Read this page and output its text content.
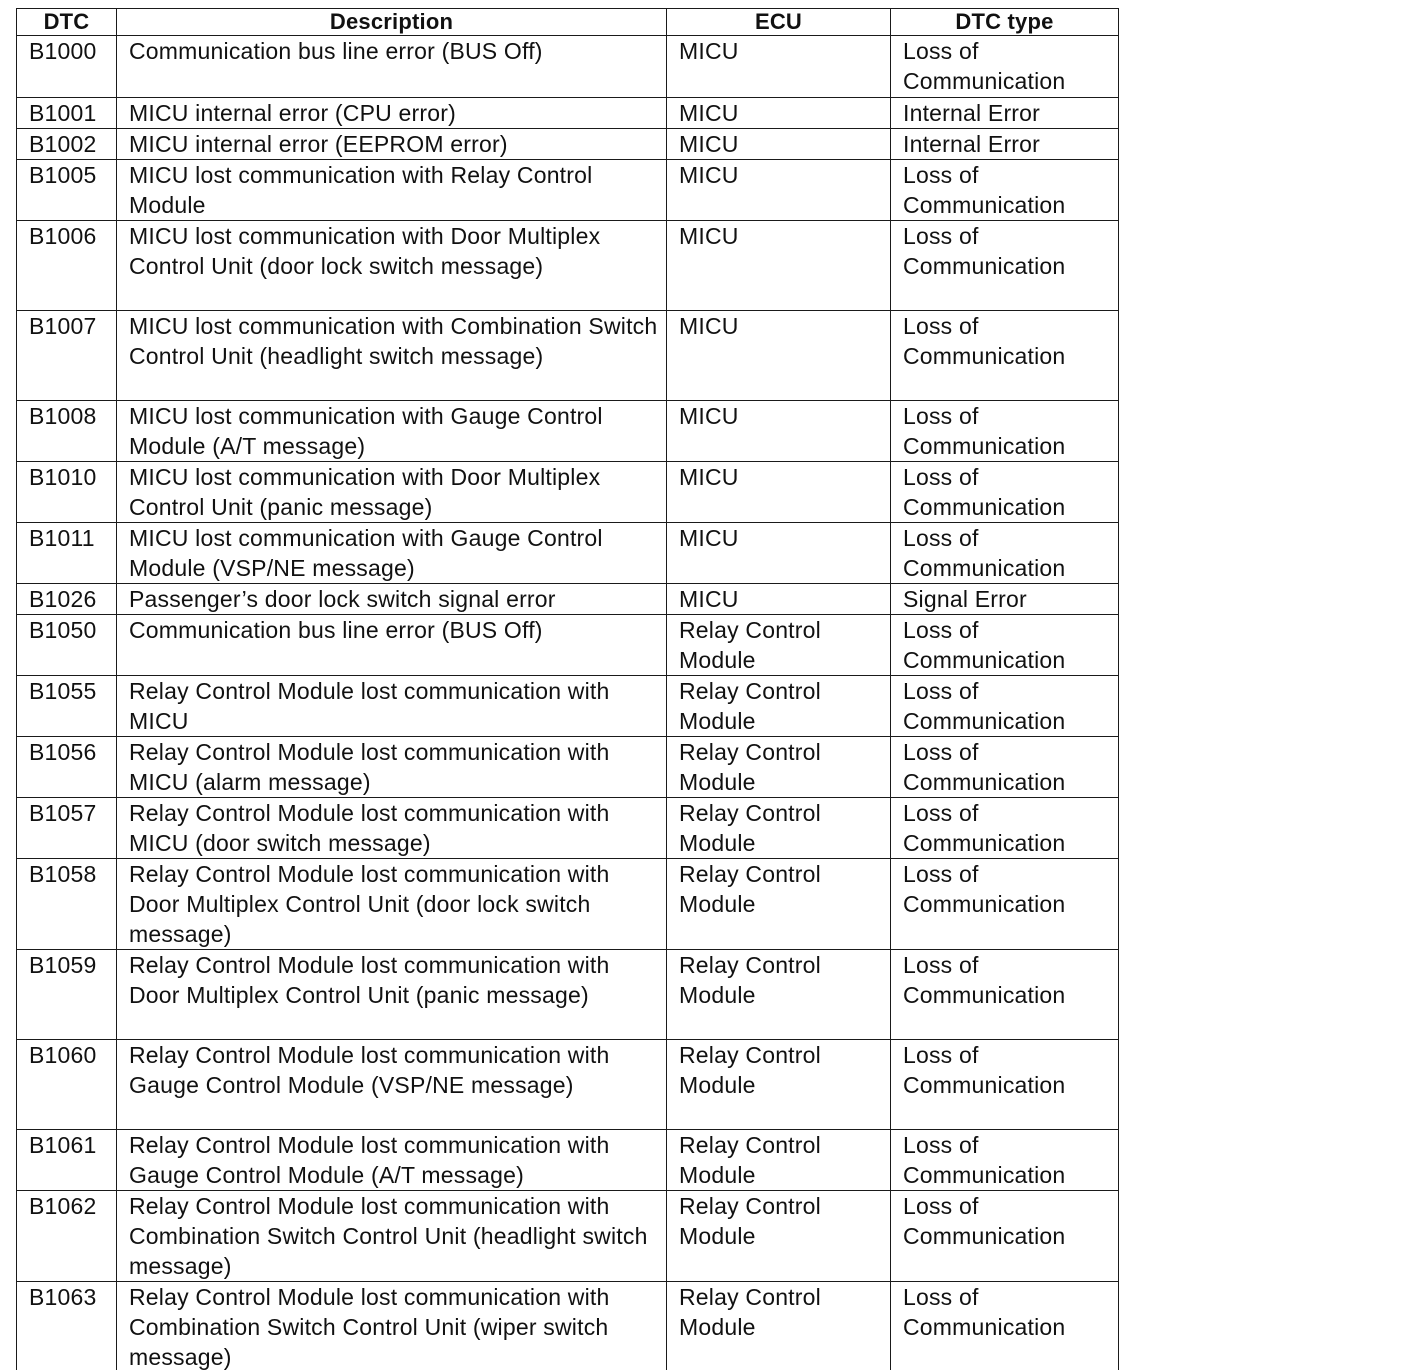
DTC	Description	ECU	DTC type
B1000	Communication bus line error (BUS Off)	MICU	Loss of Communication
B1001	MICU internal error (CPU error)	MICU	Internal Error
B1002	MICU internal error (EEPROM error)	MICU	Internal Error
B1005	MICU lost communication with Relay Control Module	MICU	Loss of Communication
B1006	MICU lost communication with Door Multiplex Control Unit (door lock switch message)	MICU	Loss of Communication
B1007	MICU lost communication with Combination Switch Control Unit (headlight switch message)	MICU	Loss of Communication
B1008	MICU lost communication with Gauge Control Module (A/T message)	MICU	Loss of Communication
B1010	MICU lost communication with Door Multiplex Control Unit (panic message)	MICU	Loss of Communication
B1011	MICU lost communication with Gauge Control Module (VSP/NE message)	MICU	Loss of Communication
B1026	Passenger’s door lock switch signal error	MICU	Signal Error
B1050	Communication bus line error (BUS Off)	Relay Control Module	Loss of Communication
B1055	Relay Control Module lost communication with MICU	Relay Control Module	Loss of Communication
B1056	Relay Control Module lost communication with MICU (alarm message)	Relay Control Module	Loss of Communication
B1057	Relay Control Module lost communication with MICU (door switch message)	Relay Control Module	Loss of Communication
B1058	Relay Control Module lost communication with Door Multiplex Control Unit (door lock switch message)	Relay Control Module	Loss of Communication
B1059	Relay Control Module lost communication with Door Multiplex Control Unit (panic message)	Relay Control Module	Loss of Communication
B1060	Relay Control Module lost communication with Gauge Control Module (VSP/NE message)	Relay Control Module	Loss of Communication
B1061	Relay Control Module lost communication with Gauge Control Module (A/T message)	Relay Control Module	Loss of Communication
B1062	Relay Control Module lost communication with Combination Switch Control Unit (headlight switch message)	Relay Control Module	Loss of Communication
B1063	Relay Control Module lost communication with Combination Switch Control Unit (wiper switch message)	Relay Control Module	Loss of Communication
